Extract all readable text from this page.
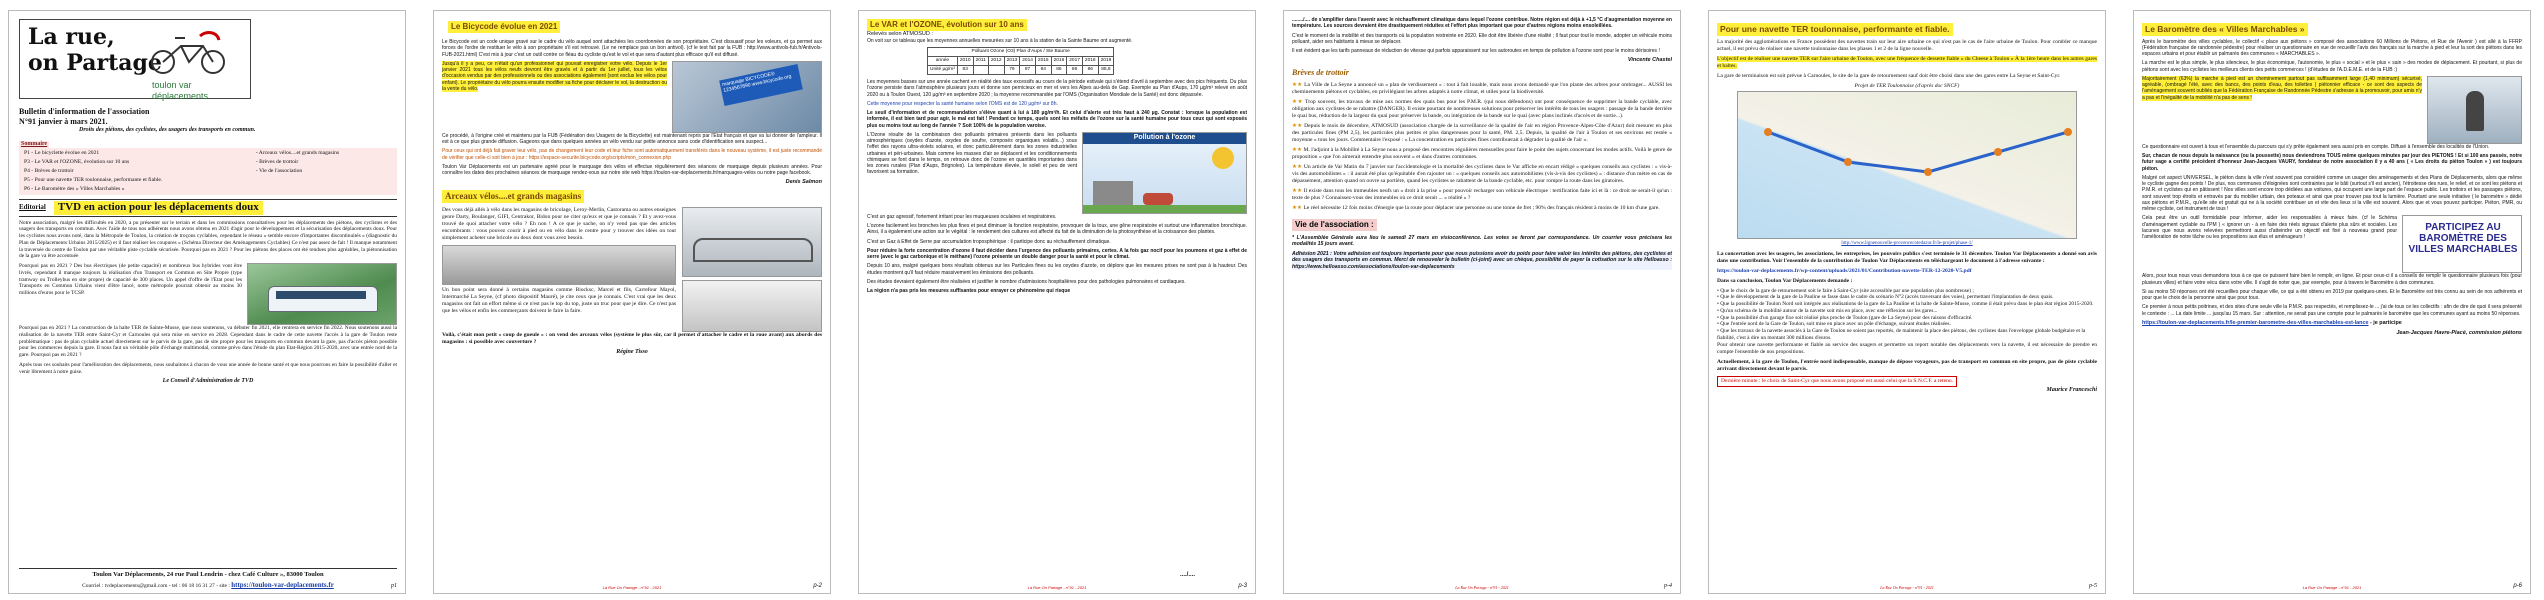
La rue,
on Partage
toulon var déplacements
Bulletin d'information de l'association
N°91 janvier à mars 2021.
Droits des piétons, des cyclistes, des usagers des transports en commun.
Sommaire
P1 - Le bicyclette évolue en 2021	- Arceaux vélos....et grands magasins
P3 - Le VAR et l'OZONE, évolution sur 10 ans	- Brèves de trottoir
P4 - Brèves de trottoir	- Vie de l'association
P5 - Pour une navette TER toulonnaise, performante et fiable.	
P6 - Le Baromètre des « Villes Marchables »	
Editorial	TVD en action pour les déplacements doux

Notre association, malgré les difficultés en 2020, a pu présenter sur le terrain et dans les commissions consultatives pour les déplacements des piétons, des cyclistes et des usagers des transports en commun. Avec l'aide de tous nos adhérents nous avons obtenu en 2021 d'agir pour le développement et la sécurisation des déplacements doux. Pour les cyclistes nous avons noté, dans la Métropole de Toulon, la création de troçons cyclables, cependant le réseau « semble encore d'importantes discontinuités » (diagnostic du Plan de Déplacements Urbains 2015/2025) et il faut réaliser les coupures « (Schéma Directeur des Aménagements Cyclables) Ce n'est pas assez de fait ! Il manque notamment la traversée du centre de Toulon par une véritable piste cyclable sécurisée. Pourquoi pas en 2021 ? Pour les piétons des places ont été rendues plus agréables, la piétonnisation de la gare va être accentuée

Pourquoi pas en 2021 ? Des bus électriques (de petite capacité) et nombreux bus hybrides vont être livrés, cependant il manque toujours la réalisation d'un Transport en Commun en Site Propre (type tramway ou Trolleybus en site propre) de capacité de 300 places. Un appel d'offre de l'Etat pour les Transports en Commun Urbains vient d'être lancé, notre métropole pourrait obtenir au moins 30 millions d'euros pour le TCSP.

Pourquoi pas en 2021 ? La construction de la halte TER de Sainte-Musse, que nous soutenons, va débuter fin 2021, elle rentrera en service fin 2022. Nous soutenons aussi la réalisation de la navette TER entre Saint-Cyr et Carnoules qui sera mise en service en 2028. Cependant dans le cadre de cette navette l'accès à la gare de Toulon reste problématique : pas de plan cyclable actuel directement sur le parvis de la gare, pas de site propre pour les transports en commun devant la gare, pas d'accès piéton possible pour les commerces depuis la gare. Il nous faut un véritable pôle d'échange multimodal, comme prévu dans l'étude du plan Etat-Région 2015-2020, avec une entrée nord de la gare. Pourquoi pas en 2021 ?

Après tous ces souhaits pour l'amélioration des déplacements, nous souhaitons à chacun de vous une année de bonne santé et que nous pourrons en faire la possibilité d'aller et venir librement à notre guise.

Le Conseil d'Administration de TVD
Toulon Var Déplacements, 24 rue Paul Lendrin - chez Café Culture », 83000 Toulon
Courriel : tvdeplacements@gmail.com - tel : 06 18 16 31 27 - site : https://toulon-var-deplacements.fr	p1
Le Bicycode évolue en 2021

Le Bicycode est un code unique gravé sur le cadre du vélo auquel sont attachées les coordonnées de son propriétaire. C'est dissuasif pour les voleurs, et ça permet aux forces de l'ordre de restituer le vélo à son propriétaire s'il est retrouvé. (Le ne remplace pas un bon antivol). (cf le test fait par la FUB : http://www.antivols-fub.fr/Antivols-FUB-2021.html) C'est mis à jour c'est un outil contre ce fléau du cycliste qu'est le vol et que sera d'autant plus efficace qu'il est diffusé.

Jusqu'à il y a peu, ce n'était qu'un professionnel qui pouvait enregistrer votre vélo. Depuis le 1er janvier 2021 tous les vélos neufs devront être gravés et à partir du 1er juillet, tous les vélos d'occasion vendus par des professionnels ou des associations également (sont exclus les vélos pour enfant). Le propriétaire du vélo pourra ensuite modifier sa fiche pour déclarer le vol, la destruction ou la vente du vélo.

marquage BICYCODE® 1234567890 www.bicycode.org

Ce procédé, à l'origine créé et maintenu par la FUB (Fédération des Usagers de la Bicyclette) est maintenant repris par l'Etat français et que va lui donner de l'ampleur. Il est à ce que plus grande diffusion. Gageons que dans quelques années un vélo vendu sur petite annonce sans code d'identification sera suspect...

Pour ceux qui ont déjà fait graver leur vélo, pas de changement leur code et leur fiche sont automatiquement transférés dans le nouveau système, il est juste recommandé de vérifier que celle-ci soit bien à jour : https://espace-securite.bicycode.org/scripts/mon_connexion.php

Toulon Var Déplacements est un partenaire agréé pour le marquage des vélos et effectue régulièrement des séances de marquage depuis plusieurs années. Pour connaître les dates des prochaines séances de marquage rendez-vous sur notre site web https://toulon-var-deplacements.fr/marquages-velos ou notre page facebook.

Denis Salmon
Arceaux vélos....et grands magasins

Des vous déjà allés à vélo dans les magasins de bricolage, Leroy-Merlin, Castorama ou autres enseignes genre Darty, Boulanger, GIFI, Centrakor, Bidon pour ne citer qu'eux et que je connais ? Et y avez-vous trouvé de quoi attacher votre vélo ? Eh non ! A ce que je sache, on n'y vend pas que des articles encombrants : vous pouvez courir à pied ou en vélo dans le centre pour y trouver des idées on tout simplement acheter une bricole ou deux dont vous avez besoin.

Un bon point sera donné à certains magasins comme Biocksc, Marcel et fils, Carrefour Mayol, Intermarché La Seyne, (cf photo dispositif Mauré), je cite ceux que je connais. C'est vrai que les deux magasins ont fait un effort même si ce n'est pas le top du top, juste un truc pour que je dire. Ce n'est pas que les vélos et enfin les commerçants doivent le faire la faire.

Voilà, c'était mon petit « coup de gueule » : on vend des arceaux vélos (système le plus sûr, car il permet d'attacher le cadre et la roue avant) aux abords des magasins : si possible avec couverture ?

Régine Tisso
La Rue On Partage - n°91 - 2021	p-2
Le VAR et l'OZONE, évolution sur 10 ans
Relevés selon ATMOSUD :

On voit sur ce tableau que les moyennes annuelles mesurées sur 10 ans à la station de la Sainte Baume ont augmenté.

Polluant Ozone (O3) Plan d'Aups / Ste Baume										
année	2010	2011	2012	2013	2014	2015	2016	2017	2018	2019
Unité µg/m³	83			79	87	84	86	86	86	85,8

Les moyennes basses sur une année cachent en réalité des taux excessifs au cours de la période estivale qui s'étend d'avril à septembre avec des pics fréquents. Du plus l'ozone persiste dans l'atmosphère plusieurs jours et donne son pernicieux en mer et vers les Alpes au-delà de Gap. Exemple au Plan d'Aups, 170 µg/m³ relevé en août 2020 ou à Toulon Ouest, 120 µg/m³ en septembre 2020 ; la moyenne recommandée par l'OMS (Organisation Mondiale de la Santé) est donc dépassée.

Cette moyenne pour respecter la santé humaine selon l'OMS est de 120 µg/m³ sur 8h.

Le seuil d'information et de recommandation s'élève quant à lui à 180 µg/m³/h. Et celui d'alerte est très haut à 240 µg. Constat : lorsque la population est informée, il est bien tard pour agir, le mal est fait ! Pendant ce temps, quels sont les méfaits de l'ozone sur la santé humaine pour tous ceux qui sont exposés plus ou moins tout au long de l'année ? Soit 100% de la population varoise.

L'Ozone résulte de la combinaison des polluants primaires présents dans les polluants atmosphériques (oxydes d'azote, oxydes de soufre, composés organiques volatils...) sous l'effet des rayons ultra-violets solaires, et donc particulièrement dans les zones industrielles urbaines et péri-urbaines. Mais comme les masses d'air se déplacent et les conditionnements chimiques se font dans le temps, on retrouve donc de l'ozone en quantités importantes dans les zones rurales (Plan d'Aups, Brignoles). La température élevée, le soleil et peu de vent favorisent sa formation.

Pollution à l'ozone

C'est un gaz agressif, fortement irritant pour les muqueuses oculaires et respiratoires.

L'ozone facilement les bronches les plus fines et peut diminuer la fonction respiratoire, provoquer de la toux, une gêne respiratoire et surtout une inflammation bronchique. Ainsi, il a également une action sur le végétal : le rendement des cultures est affecté du fait de la diminution de la photosynthèse et la croissance des plantes.

C'est un Gaz à Effet de Serre par accumulation troposphérique : il participe donc au réchauffement climatique.

Pour réduire la forte concentration d'ozone il faut décider dans l'urgence des polluants primaires, certes. A la fois gaz nocif pour les poumons et gaz à effet de serre (avec le gaz carbonique et le méthane) l'ozone présente un double danger pour la santé et pour le climat.

Depuis 10 ans, malgré quelques bons résultats obtenus sur les Particules fines ou les oxydes d'azote, on déplore que les mesures prises ne sont pas à la hauteur. Des études montrent qu'il faut réduire massivement les émissions des polluants.

Des études devraient également être réalisées et justifier le nombre d'admissions hospitalières pour des pathologies pulmonaires et cardiaques.

La région n'a pas pris les mesures suffisantes pour enrayer ce phénomène qui risque

..../....
La Rue On Partage - n°91 - 2021	p-3

......../.... de s'amplifier dans l'avenir avec le réchauffement climatique dans lequel l'ozone contribue. Notre région est déjà à +1,5 °C d'augmentation moyenne en température. Les sources devraient être drastiquement réduites et l'effort plus important que pour d'autres régions moins ensoleillées.

C'est le moment de la mobilité et des transports où la population restreinte en 2020. Elle doit être libérée d'une réalité ; Il faut pour tout le monde, adopter un véhicule moins polluant, aider ses habitants à mieux se déplacer.

Il est évident que les tarifs panneaux de réduction de vitesse qui parfois apparaissent sur les autoroutes en temps de pollution à l'ozone sont pour le moins dérisoires !

Vincente Chastel
Brèves de trottoir

★★ La Ville de La Seyne a annoncé un « plan de verdissement » : tout à fait louable, mais nous avons demandé que l'on plante des arbres pour ombrager... AUSSI les cheminements piétons et cyclables, en privilégiant les arbres adaptés à notre climat, et utiles pour la biodiversité.

★★ Trop souvent, les travaux de mise aux normes des quais bus pour les P.M.R. (qui nous défendons) ont pour conséquence de supprimer la bande cyclable, avec obligation aux cyclistes de se rabattre (DANGER). Il existe pourtant de nombreuses solutions pour préserver les intérêts de tous les usagers : passage de la bande derrière le quai bus, réduction de la largeur du quai pour préserver la bande, ou intégration de la bande sur le quai (avec plans inclinés d'accès et de sortie...).

★★ Depuis le mois de décembre, ATMOSUD (association chargée de la surveillance de la qualité de l'air en région Provence-Alpes-Côte d'Azur) doit mesurer en plus des particules fines (PM 2,5), les particules plus petites et plus dangereuses pour la santé, PM. 2,5. Depuis, la qualité de l'air à Toulon et ses environs est restée « moyenne » tous les jours. Commentaire l'exposé : « La concentration en particules fines contribuerait à dégrader la qualité de l'air ».

★★ M. l'adjoint à la Mobilité à La Seyne nous a proposé des rencontres régulières mensuelles pour faire le point des sujets concernant les modes actifs. Voilà le genre de proposition « que l'on aimerait entendre plus souvent » et dans d'autres communes.

★★ Un article de Var Matin du 7 janvier sur l'accidentologie et la mortalité des cyclistes dans le Var affiche en encart rédigé « quelques conseils aux cyclistes : « vis-à-vis des automobilistes » : il aurait été plus qu'équitable d'en rajouter un : « quelques conseils aux automobilistes (vis-à-vis des cyclistes) » : distance d'un mètre en cas de dépassement, attention quand on ouvre sa portière, quand les cyclistes se rabattent de la bande cyclable, etc. pour rompre la route dans les giratoires.

★★ Il existe dans tous les immeubles neufs un « droit à la prise » pour pouvoir recharger son véhicule électrique : tertification faite ici et là : ce droit ne serait-il qu'un : texte de plus ? Connaissez-vous des immeubles où ce droit serait ... « réalité » ?

★★ Le réel nécessite 12 fois moins d'énergie que la route pour déplacer une personne ou une tonne de fret ; 90% des français résident à moins de 10 km d'une gare.

Vie de l'association :

* L'Assemblée Générale aura lieu le samedi 27 mars en visioconférence. Les votes se feront par correspondance. Un courrier vous précisera les modalités 15 jours avant.

Adhésion 2021 : Votre adhésion est toujours importante pour que nous puissions avoir du poids pour faire valoir les intérêts des piétons, des cyclistes et des usagers des transports en commun. Merci de renouveler le bulletin (ci-joint) avec un chèque, possibilité de payer la cotisation sur le site Helloasso : https://www.helloasso.com/associations/toulon-var-deplacements

La Rue On Partage - n°91 - 2021	p-4
Pour une navette TER toulonnaise, performante et fiable.

La majorité des agglomérations en France possèdent des navettes train sur leur aire urbaine ce qui n'est pas le cas de l'aire urbaine de Toulon. Pour combler ce manque actuel, il est prévu de réaliser une navette toulonnaise dans les phases 1 et 2 de la ligne nouvelle.

L'objectif est de réaliser une navette TER sur l'aire urbaine de Toulon, avec une fréquence de desserte fiable « du Cheese à Toulon » À la 1ère heure dans les autres gares et haltes.

La gare de terminaison est soit prévue à Carnoules, le site de la gare de retournement sauf doit être choisi dans une des gares entre La Seyne et Saint-Cyr.

Projet de TER Toulonnaise (d'après doc SNCF)
http://www.lignenouvelle-provencecotedazur.fr/le-projet/phase-1/

La concertation avec les usagers, les associations, les entreprises, les pouvoirs publics s'est terminée le 31 décembre. Toulon Var Déplacements a donné son avis dans une contribution. Voir l'ensemble de la contribution de Toulon Var Déplacements en téléchargeant le document à l'adresse suivante :

https://toulon-var-deplacements.fr/wp-content/uploads/2021/01/Contribution-navette-TER-12-2020-V5.pdf

Dans sa conclusion, Toulon Var Déplacements demande :

• Que le choix de la gare de retournement soit le faire à Saint-Cyr (site accessible par une population plus nombreuse) ;
• Que le développement de la gare de la Pauline se fasse dans le cadre du scénario N°2 (accès traversant des voies), permettant l'implantation de deux quais.
• Que la possibilité de Toulon Nord soit intégrée aux réalisations de la gare de La Pauline et la halte de Sainte-Musse, comme il était prévu dans le plan état région 2015-2020.
• Qu'un schéma de la mobilité autour de la navette soit mis en place, avec une réflexion sur les gares...
• Que la possibilité d'un garage fixe soit réalisé plus proche de Toulon (gare de La Seyne) pour des raisons d'efficacité.
• Que l'entrée nord de la Gare de Toulon, soit mise en place avec un pôle d'échange, suivant études réalisées.
• Que les travaux de la navette associés à la Gare de Toulon ne soient pas reportés, de maintenir la place des piétons, des cyclistes dans l'enveloppe globale budgétaire et la fiabilité, c'est à dire un montant 300 millions d'euros.

Pour obtenir une navette performante et fiable au service des usagers et permettre un report notable des déplacements vers la navette, il est nécessaire de prendre en compte l'ensemble de nos propositions.

Actuellement, à la gare de Toulon, l'entrée nord indispensable, manque de dépose voyageurs, pas de transport en commun en site propre, pas de piste cyclable arrivant directement devant le parvis.

Dernière minute : le choix de Saint-Cyr que nous avons proposé est aussi celui que la S.N.C.F. a retenu.
Maurice Franceschi
La Rue On Partage - n°91 - 2021	p-5
Le Baromètre des « Villes Marchables »

Après le baromètre des villes cyclables, le collectif « place aux piétons » composé des associations 60 Millions de Piétons, et Rue de l'Avenir ) est allé à la FFRP (Fédération française de randonnée pédestre) pour réaliser un questionnaire en vue de recueillir l'avis des français sur la marche à pied et leur la sort des piétons dans les espaces urbains et pour établir un palmarès des communes « MARCHABLES ».

La marche est le plus simple, le plus silencieux, le plus économique, l'autonomie, le plus « social » et le plus « sain » des modes de déplacement. Et pourtant, si plus de piétons sont avec les cyclistes les meilleurs clients des petits commerces ! (d'études de l'A.D.E.M.E. et de la FUB :)

Majoritairement (63%) la marche à pied est un cheminement partout pas suffisamment large (1,40 minimum) sécurisé, agréable, (ombragé l'été, avec des bancs, des points d'eau, des toilettes ) piétonnier efficace - ce sont des aspects de l'aménagement souvent oubliés que la Fédération Française de Randonnée Pédestre s'adresse à la promouvoir, pour amis n'y a pas et l'inégalité de la mobilité n'a pas de sens !

Ce questionnaire est ouvert à tous et l'ensemble du parcours qui s'y prête également sera aussi pris en compte. Diffusé à l'ensemble des localités de l'Union.

Sur, chacun de nous depuis la naissance (ou la poussette) nous deviendrons TOUS même quelques minutes par jour des PIETONS ! Et si 100 ans passés, notre futur sage a certifié précédent d'honneur Jean-Jacques VAURY, fondateur de notre association il y a 40 ans ( « Les droits du piéton Toulon » ) est toujours piéton.

Malgré cet aspect UNIVERSEL, le piéton dans la ville n'est souvent pas considéré comme un usager des aménagements et des Plans de Déplacements, alors que même le cycliste gagne des points ! De plus, nos communes d'éloignées sont contraintes par le bâti (surtout s'il est ancien), l'étroitesse des rues, le relief, et ce sont les piétons et P.M.R. et cyclistes qui en pâtissent ! Nos villes sont encore trop dédiées aux voitures, qui occupent une large part de l'espace public. Les trottoirs et les passages piétons, sont souvent trop étroits et entravés par du mobilier urbain, des poteaux et ainsi que pour trouver pas tout la lumière. Pourtant une seule initiative ( le baromètre » dédié aux piétons et P.M.R., qu'elle site et gratuit qui ne à la société contribuer un et vite des lieux si la ville est souvent. Alors que et vous pouvez participer. Piéton, PMR, ou même cycliste, cet instrument de tous !

Cela peut être un outil formidable pour informer, aider les responsables à mieux faire. (cf le Schéma d'aménagement cyclable ou l'PM ) « ignorer un - à en faire des réels signaux d'alerte plus sûrs et sociales. Les lacunes que nous avons relevées permettront aussi d'atteindre un objectif est fixé à nouveau grand pour l'amélioration de notre tâche ou les propositions aux élus et aménageurs !

PARTICIPEZ AU BAROMÈTRE DES VILLES MARCHABLES

Alors, pour tous nous vous demandons tous à ce que ce puissent faire bien le remplir, en ligne. Et pour ceux-ci il a conseils de remplir le questionnaire plusieurs fois (pour plusieurs villes) et faire votre vécu dans votre ville. Il s'agit de noter que, par exemple, pour à travers le Baromètre à des communes.

Si au moins 50 réponses ont été recueillies pour chaque ville, ce qui a été obtenu en 2019 par quelques-unes. Et le Baromètre est très connu au sein de nos adhérents et pour que le choix de la personne ainsi que pour tous.

Ce premier à nous petits poitrines, et des sites d'une seule ville la P.M.R. pas respectés, et remplissez-le ... j'ai de tous ce les collectifs : afin de dire de quoi il sera présenté le contexte : ... La date limite ... jusqu'au 15 mars. Sur : attention, ne serait pas une compte pour le palmarès le baromètre que les communes ayant au moins 50 réponses.

https://toulon-var-deplacements.fr/le-premier-barometre-des-villes-marchables-est-lance - je participe

Jean-Jacques Havre-Placé, commission piétons
La Rue On Partage - n°91 - 2021	p-6
